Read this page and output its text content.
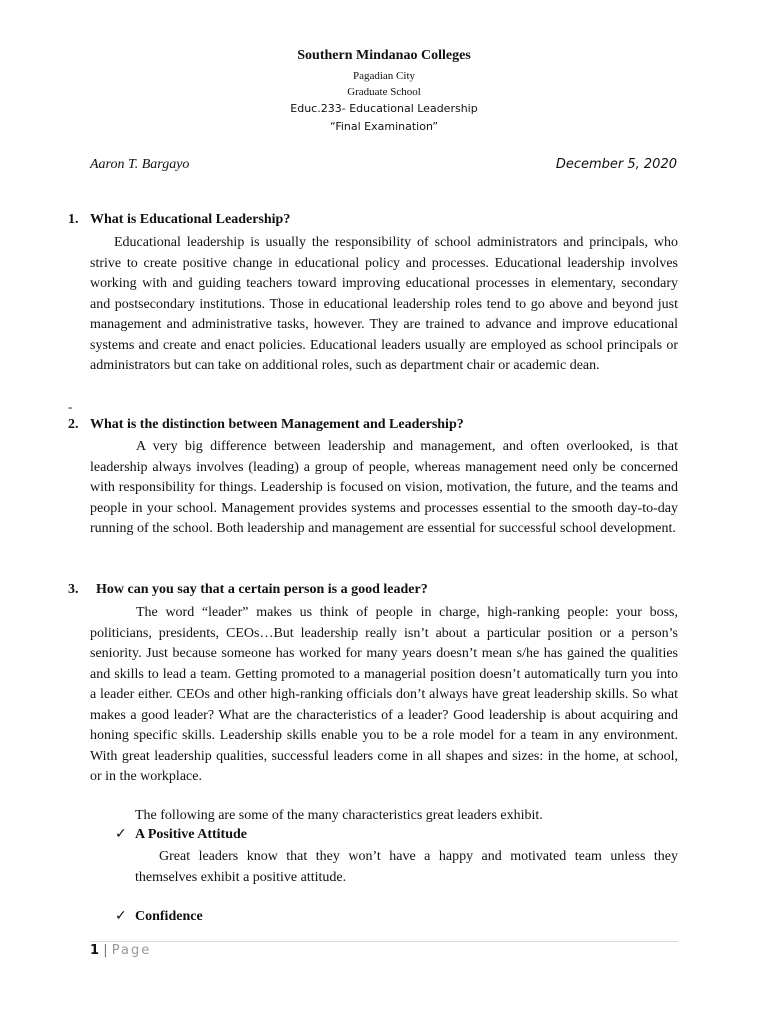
Southern Mindanao Colleges
Pagadian City
Graduate School
Educ.233- Educational Leadership
“Final Examination”
Aaron T. Bargayo	December 5, 2020
1. What is Educational Leadership?
Educational leadership is usually the responsibility of school administrators and principals, who strive to create positive change in educational policy and processes. Educational leadership involves working with and guiding teachers toward improving educational processes in elementary, secondary and postsecondary institutions. Those in educational leadership roles tend to go above and beyond just management and administrative tasks, however. They are trained to advance and improve educational systems and create and enact policies. Educational leaders usually are employed as school principals or administrators but can take on additional roles, such as department chair or academic dean.
-
2. What is the distinction between Management and Leadership?
A very big difference between leadership and management, and often overlooked, is that leadership always involves (leading) a group of people, whereas management need only be concerned with responsibility for things. Leadership is focused on vision, motivation, the future, and the teams and people in your school. Management provides systems and processes essential to the smooth day-to-day running of the school. Both leadership and management are essential for successful school development.
3. How can you say that a certain person is a good leader?
The word “leader” makes us think of people in charge, high-ranking people: your boss, politicians, presidents, CEOs…But leadership really isn’t about a particular position or a person’s seniority. Just because someone has worked for many years doesn’t mean s/he has gained the qualities and skills to lead a team. Getting promoted to a managerial position doesn’t automatically turn you into a leader either. CEOs and other high-ranking officials don’t always have great leadership skills. So what makes a good leader? What are the characteristics of a leader? Good leadership is about acquiring and honing specific skills. Leadership skills enable you to be a role model for a team in any environment. With great leadership qualities, successful leaders come in all shapes and sizes: in the home, at school, or in the workplace.
The following are some of the many characteristics great leaders exhibit.
✓ A Positive Attitude
Great leaders know that they won’t have a happy and motivated team unless they themselves exhibit a positive attitude.
✓ Confidence
1 | Page
